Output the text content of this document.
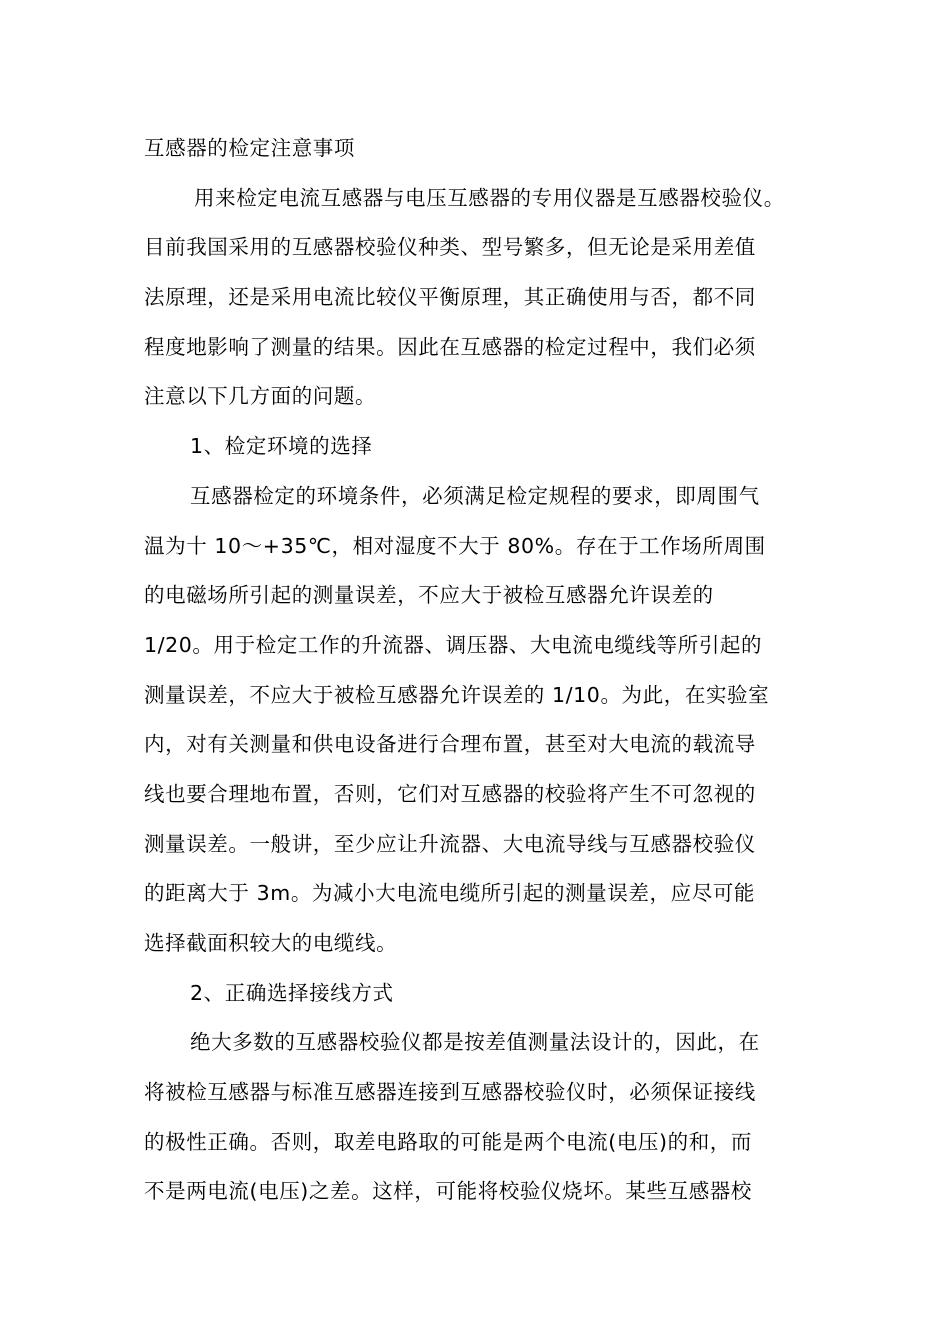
互感器的检定注意事项
用来检定电流互感器与电压互感器的专用仪器是互感器校验仪。
目前我国采用的互感器校验仪种类、型号繁多，但无论是采用差值
法原理，还是采用电流比较仪平衡原理，其正确使用与否，都不同
程度地影响了测量的结果。因此在互感器的检定过程中，我们必须
注意以下几方面的问题。
1、检定环境的选择
互感器检定的环境条件，必须满足检定规程的要求，即周围气
温为十 10～+35℃，相对湿度不大于 80%。存在于工作场所周围
的电磁场所引起的测量误差，不应大于被检互感器允许误差的
1/20。用于检定工作的升流器、调压器、大电流电缆线等所引起的
测量误差，不应大于被检互感器允许误差的 1/10。为此，在实验室
内，对有关测量和供电设备进行合理布置，甚至对大电流的载流导
线也要合理地布置，否则，它们对互感器的校验将产生不可忽视的
测量误差。一般讲，至少应让升流器、大电流导线与互感器校验仪
的距离大于 3m。为减小大电流电缆所引起的测量误差，应尽可能
选择截面积较大的电缆线。
2、正确选择接线方式
绝大多数的互感器校验仪都是按差值测量法设计的，因此，在
将被检互感器与标准互感器连接到互感器校验仪时，必须保证接线
的极性正确。否则，取差电路取的可能是两个电流(电压)的和，而
不是两电流(电压)之差。这样，可能将校验仪烧坏。某些互感器校
